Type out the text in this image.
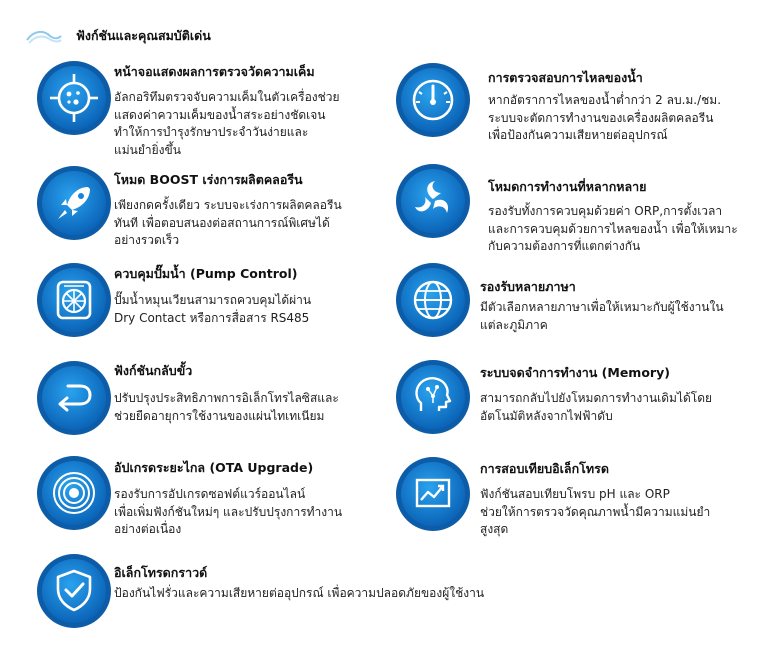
ฟังก์ชันและคุณสมบัติเด่น
หน้าจอแสดงผลการตรวจวัดความเค็ม
อัลกอริทึมตรวจจับความเค็มในตัวเครื่องช่วย
แสดงค่าความเค็มของน้ำสระอย่างชัดเจน
ทำให้การบำรุงรักษาประจำวันง่ายและ
แม่นยำยิ่งขึ้น
การตรวจสอบการไหลของน้ำ
หากอัตราการไหลของน้ำต่ำกว่า 2 ลบ.ม./ชม.
ระบบจะตัดการทำงานของเครื่องผลิตคลอรีน
เพื่อป้องกันความเสียหายต่ออุปกรณ์
โหมด BOOST เร่งการผลิตคลอรีน
เพียงกดครั้งเดียว ระบบจะเร่งการผลิตคลอรีน
ทันที เพื่อตอบสนองต่อสถานการณ์พิเศษได้
อย่างรวดเร็ว
โหมดการทำงานที่หลากหลาย
รองรับทั้งการควบคุมด้วยค่า ORP,การตั้งเวลา
และการควบคุมด้วยการไหลของน้ำ เพื่อให้เหมาะ
กับความต้องการที่แตกต่างกัน
ควบคุมปั๊มน้ำ (Pump Control)
ปั๊มน้ำหมุนเวียนสามารถควบคุมได้ผ่าน
Dry Contact หรือการสื่อสาร RS485
รองรับหลายภาษา
มีตัวเลือกหลายภาษาเพื่อให้เหมาะกับผู้ใช้งานใน
แต่ละภูมิภาค
ฟังก์ชันกลับขั้ว
ปรับปรุงประสิทธิภาพการอิเล็กโทรไลซิสและ
ช่วยยืดอายุการใช้งานของแผ่นไทเทเนียม
ระบบจดจำการทำงาน (Memory)
สามารถกลับไปยังโหมดการทำงานเดิมได้โดย
อัตโนมัติหลังจากไฟฟ้าดับ
อัปเกรดระยะไกล (OTA Upgrade)
รองรับการอัปเกรดซอฟต์แวร์ออนไลน์
เพื่อเพิ่มฟังก์ชันใหม่ๆ และปรับปรุงการทำงาน
อย่างต่อเนื่อง
การสอบเทียบอิเล็กโทรด
ฟังก์ชันสอบเทียบโพรบ pH และ ORP
ช่วยให้การตรวจวัดคุณภาพน้ำมีความแม่นยำ
สูงสุด
อิเล็กโทรดกราวด์
ป้องกันไฟรั่วและความเสียหายต่ออุปกรณ์ เพื่อความปลอดภัยของผู้ใช้งาน
